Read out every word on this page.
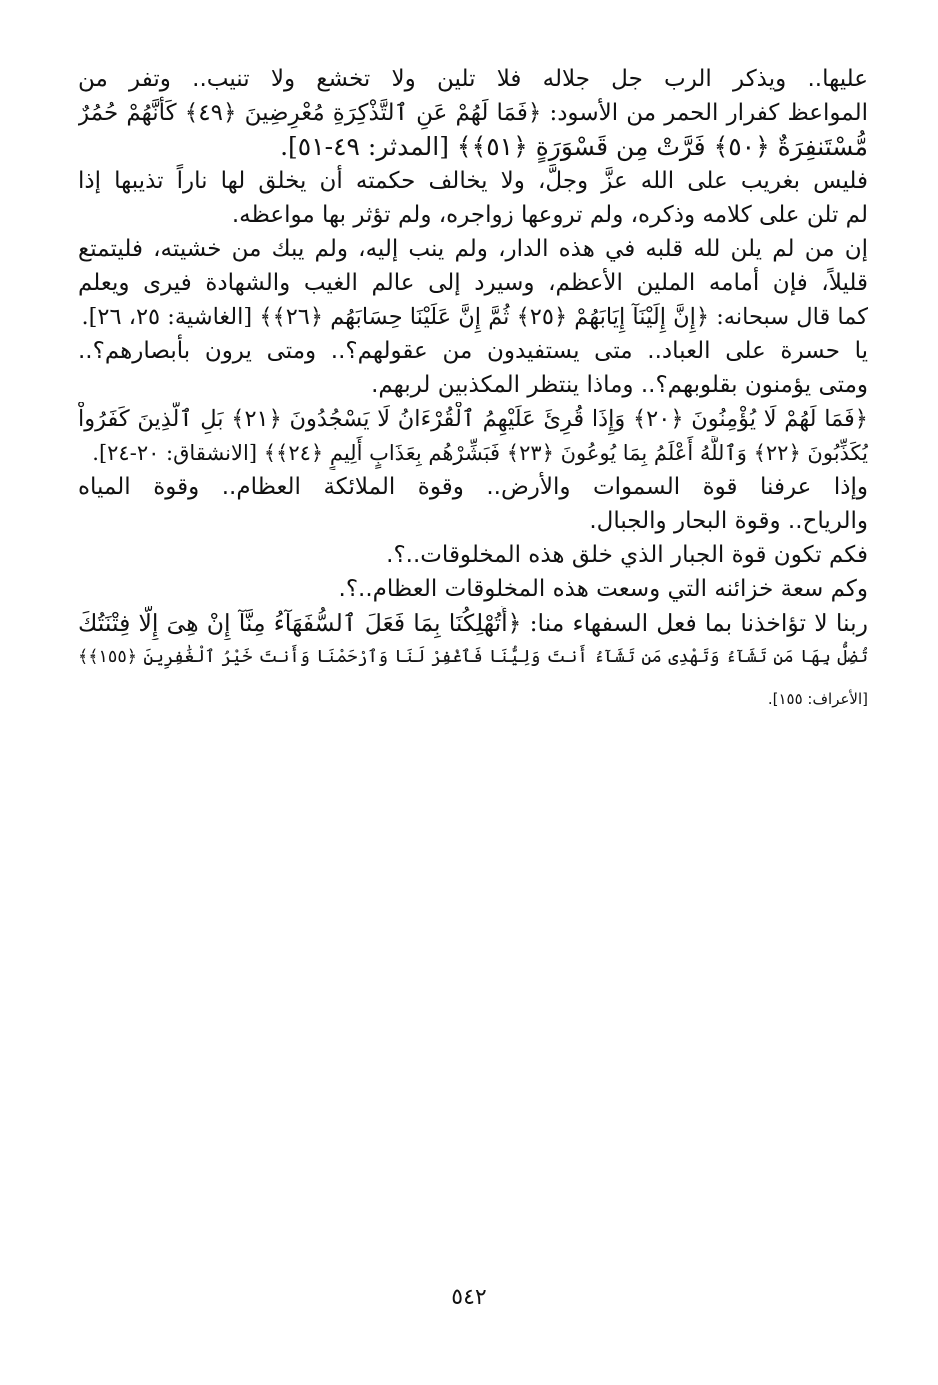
عليها.. ويذكر الرب جل جلاله فلا تلين ولا تخشع ولا تنيب.. وتفر من
المواعظ كفرار الحمر من الأسود: ﴿فَمَا لَهُمْ عَنِ ٱلتَّذْكِرَةِ مُعْرِضِينَ ﴿٤٩﴾ كَأَنَّهُمْ حُمُرٌ
مُّسْتَنفِرَةٌ ﴿٥٠﴾ فَرَّتْ مِن قَسْوَرَةٍ ﴿٥١﴾﴾ [المدثر: ٤٩-٥١].
فليس بغريب على الله عزَّ وجلَّ، ولا يخالف حكمته أن يخلق لها ناراً تذيبها إذا
لم تلن على كلامه وذكره، ولم تروعها زواجره، ولم تؤثر بها مواعظه.
إن من لم يلن لله قلبه في هذه الدار، ولم ينب إليه، ولم يبك من خشيته، فليتمتع
قليلاً، فإن أمامه الملين الأعظم، وسيرد إلى عالم الغيب والشهادة فيرى ويعلم
كما قال سبحانه: ﴿إِنَّ إِلَيْنَآ إِيَابَهُمْ ﴿٢٥﴾ ثُمَّ إِنَّ عَلَيْنَا حِسَابَهُم ﴿٢٦﴾﴾ [الغاشية: ٢٥، ٢٦].
يا حسرة على العباد.. متى يستفيدون من عقولهم؟.. ومتى يرون بأبصارهم؟..
ومتى يؤمنون بقلوبهم؟.. وماذا ينتظر المكذبين لربهم.
﴿فَمَا لَهُمْ لَا يُؤْمِنُونَ ﴿٢٠﴾ وَإِذَا قُرِئَ عَلَيْهِمُ ٱلْقُرْءَانُ لَا يَسْجُدُونَ ﴿٢١﴾ بَلِ ٱلَّذِينَ كَفَرُواْ
يُكَذِّبُونَ ﴿٢٢﴾ وَٱللَّهُ أَعْلَمُ بِمَا يُوعُونَ ﴿٢٣﴾ فَبَشِّرْهُم بِعَذَابٍ أَلِيمٍ ﴿٢٤﴾﴾ [الانشقاق: ٢٠-٢٤].
وإذا عرفنا قوة السموات والأرض.. وقوة الملائكة العظام.. وقوة المياه
والرياح.. وقوة البحار والجبال.
فكم تكون قوة الجبار الذي خلق هذه المخلوقات..؟.
وكم سعة خزائنه التي وسعت هذه المخلوقات العظام..؟.
ربنا لا تؤاخذنا بما فعل السفهاء منا: ﴿أَتُهْلِكُنَا بِمَا فَعَلَ ٱلسُّفَهَآءُ مِنَّآ إِنْ هِىَ إِلَّا فِتْنَتُكَ
تُضِلُّ بِهَا مَن تَشَآءُ وَتَهْدِى مَن تَشَآءُ أَنتَ وَلِيُّنَا فَٱغْفِرْ لَنَا وَٱرْحَمْنَا وَأَنتَ خَيْرُ ٱلْغَٰفِرِينَ ﴿١٥٥﴾﴾
[الأعراف: ١٥٥].
٥٤٢
